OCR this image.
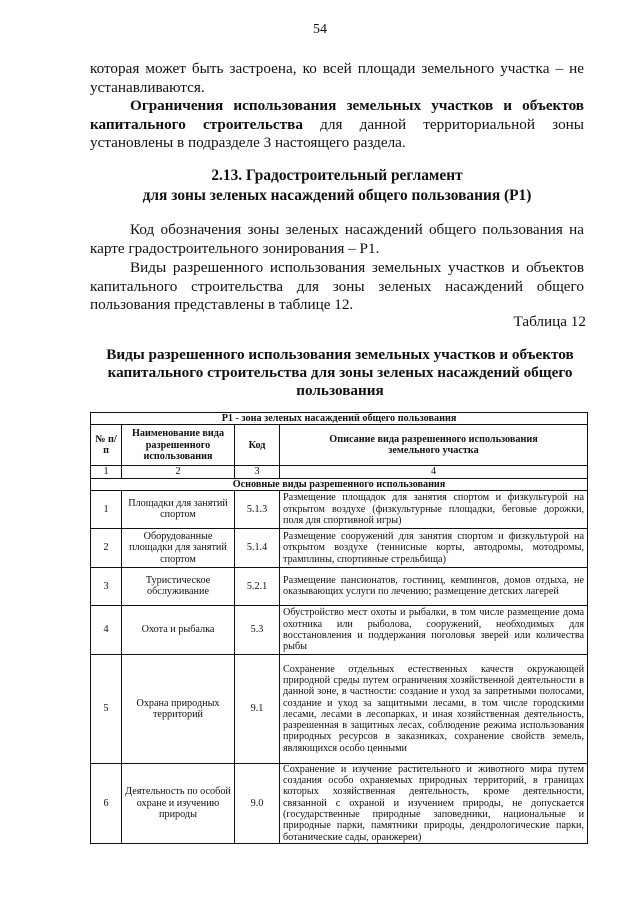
54
которая может быть застроена, ко всей площади земельного участка – не устанавливаются.
Ограничения использования земельных участков и объектов капитального строительства для данной территориальной зоны установлены в подразделе 3 настоящего раздела.
2.13. Градостроительный регламент
для зоны зеленых насаждений общего пользования (Р1)
Код обозначения зоны зеленых насаждений общего пользования на карте градостроительного зонирования – Р1.
Виды разрешенного использования земельных участков и объектов капитального строительства для зоны зеленых насаждений общего пользования представлены в таблице 12.
Таблица 12
Виды разрешенного использования земельных участков и объектов капитального строительства для зоны зеленых насаждений общего пользования
Р1 - зона зеленых насаждений общего пользования			
№ п/п	Наименование вида разрешенного использования	Код	Описание вида разрешенного использования земельного участка
1	2	3	4
Основные виды разрешенного использования			
1	Площадки для занятий спортом	5.1.3	Размещение площадок для занятия спортом и физкультурой на открытом воздухе (физкультурные площадки, беговые дорожки, поля для спортивной игры)
2	Оборудованные площадки для занятий спортом	5.1.4	Размещение сооружений для занятия спортом и физкультурой на открытом воздухе (теннисные корты, автодромы, мотодромы, трамплины, спортивные стрельбища)
3	Туристическое обслуживание	5.2.1	Размещение пансионатов, гостиниц, кемпингов, домов отдыха, не оказывающих услуги по лечению; размещение детских лагерей
4	Охота и рыбалка	5.3	Обустройство мест охоты и рыбалки, в том числе размещение дома охотника или рыболова, сооружений, необходимых для восстановления и поддержания поголовья зверей или количества рыбы
5	Охрана природных территорий	9.1	Сохранение отдельных естественных качеств окружающей природной среды путем ограничения хозяйственной деятельности в данной зоне, в частности: создание и уход за запретными полосами, создание и уход за защитными лесами, в том числе городскими лесами, лесами в лесопарках, и иная хозяйственная деятельность, разрешенная в защитных лесах, соблюдение режима использования природных ресурсов в заказниках, сохранение свойств земель, являющихся особо ценными
6	Деятельность по особой охране и изучению природы	9.0	Сохранение и изучение растительного и животного мира путем создания особо охраняемых природных территорий, в границах которых хозяйственная деятельность, кроме деятельности, связанной с охраной и изучением природы, не допускается (государственные природные заповедники, национальные и природные парки, памятники природы, дендрологические парки, ботанические сады, оранжереи)
